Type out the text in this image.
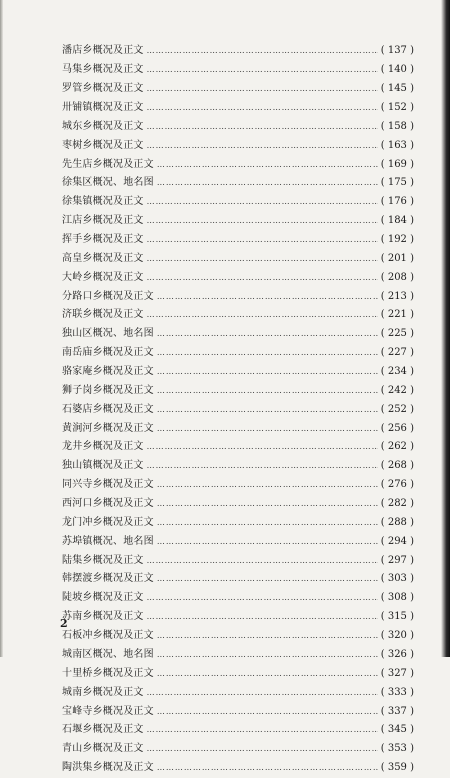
潘店乡概况及正文 ……………………………………………………………………………………………………………………………………………	( 137 )
马集乡概况及正文 ……………………………………………………………………………………………………………………………………………	( 140 )
罗管乡概况及正文 ……………………………………………………………………………………………………………………………………………	( 145 )
卅铺镇概况及正文 ……………………………………………………………………………………………………………………………………………	( 152 )
城东乡概况及正文 ……………………………………………………………………………………………………………………………………………	( 158 )
枣树乡概况及正文 ……………………………………………………………………………………………………………………………………………	( 163 )
先生店乡概况及正文 ……………………………………………………………………………………………………………………………………………	( 169 )
徐集区概况、地名图 ……………………………………………………………………………………………………………………………………………	( 175 )
徐集镇概况及正文 ……………………………………………………………………………………………………………………………………………	( 176 )
江店乡概况及正文 ……………………………………………………………………………………………………………………………………………	( 184 )
挥手乡概况及正文 ……………………………………………………………………………………………………………………………………………	( 192 )
高皇乡概况及正文 ……………………………………………………………………………………………………………………………………………	( 201 )
大岭乡概况及正文 ……………………………………………………………………………………………………………………………………………	( 208 )
分路口乡概况及正文 ……………………………………………………………………………………………………………………………………………	( 213 )
济联乡概况及正文 ……………………………………………………………………………………………………………………………………………	( 221 )
独山区概况、地名图 ……………………………………………………………………………………………………………………………………………	( 225 )
南岳庙乡概况及正文 ……………………………………………………………………………………………………………………………………………	( 227 )
骆家庵乡概况及正文 ……………………………………………………………………………………………………………………………………………	( 234 )
狮子岗乡概况及正文 ……………………………………………………………………………………………………………………………………………	( 242 )
石婆店乡概况及正文 ……………………………………………………………………………………………………………………………………………	( 252 )
黄涧河乡概况及正文 ……………………………………………………………………………………………………………………………………………	( 256 )
龙井乡概况及正文 ……………………………………………………………………………………………………………………………………………	( 262 )
独山镇概况及正文 ……………………………………………………………………………………………………………………………………………	( 268 )
同兴寺乡概况及正文 ……………………………………………………………………………………………………………………………………………	( 276 )
西河口乡概况及正文 ……………………………………………………………………………………………………………………………………………	( 282 )
龙门冲乡概况及正文 ……………………………………………………………………………………………………………………………………………	( 288 )
苏埠镇概况、地名图 ……………………………………………………………………………………………………………………………………………	( 294 )
陆集乡概况及正文 ……………………………………………………………………………………………………………………………………………	( 297 )
韩摆渡乡概况及正文 ……………………………………………………………………………………………………………………………………………	( 303 )
陡坡乡概况及正文 ……………………………………………………………………………………………………………………………………………	( 308 )
苏南乡概况及正文 ……………………………………………………………………………………………………………………………………………	( 315 )
石板冲乡概况及正文 ……………………………………………………………………………………………………………………………………………	( 320 )
城南区概况、地名图 ……………………………………………………………………………………………………………………………………………	( 326 )
十里桥乡概况及正文 ……………………………………………………………………………………………………………………………………………	( 327 )
城南乡概况及正文 ……………………………………………………………………………………………………………………………………………	( 333 )
宝峰寺乡概况及正文 ……………………………………………………………………………………………………………………………………………	( 337 )
石堰乡概况及正文 ……………………………………………………………………………………………………………………………………………	( 345 )
青山乡概况及正文 ……………………………………………………………………………………………………………………………………………	( 353 )
陶洪集乡概况及正文 ……………………………………………………………………………………………………………………………………………	( 359 )
2
